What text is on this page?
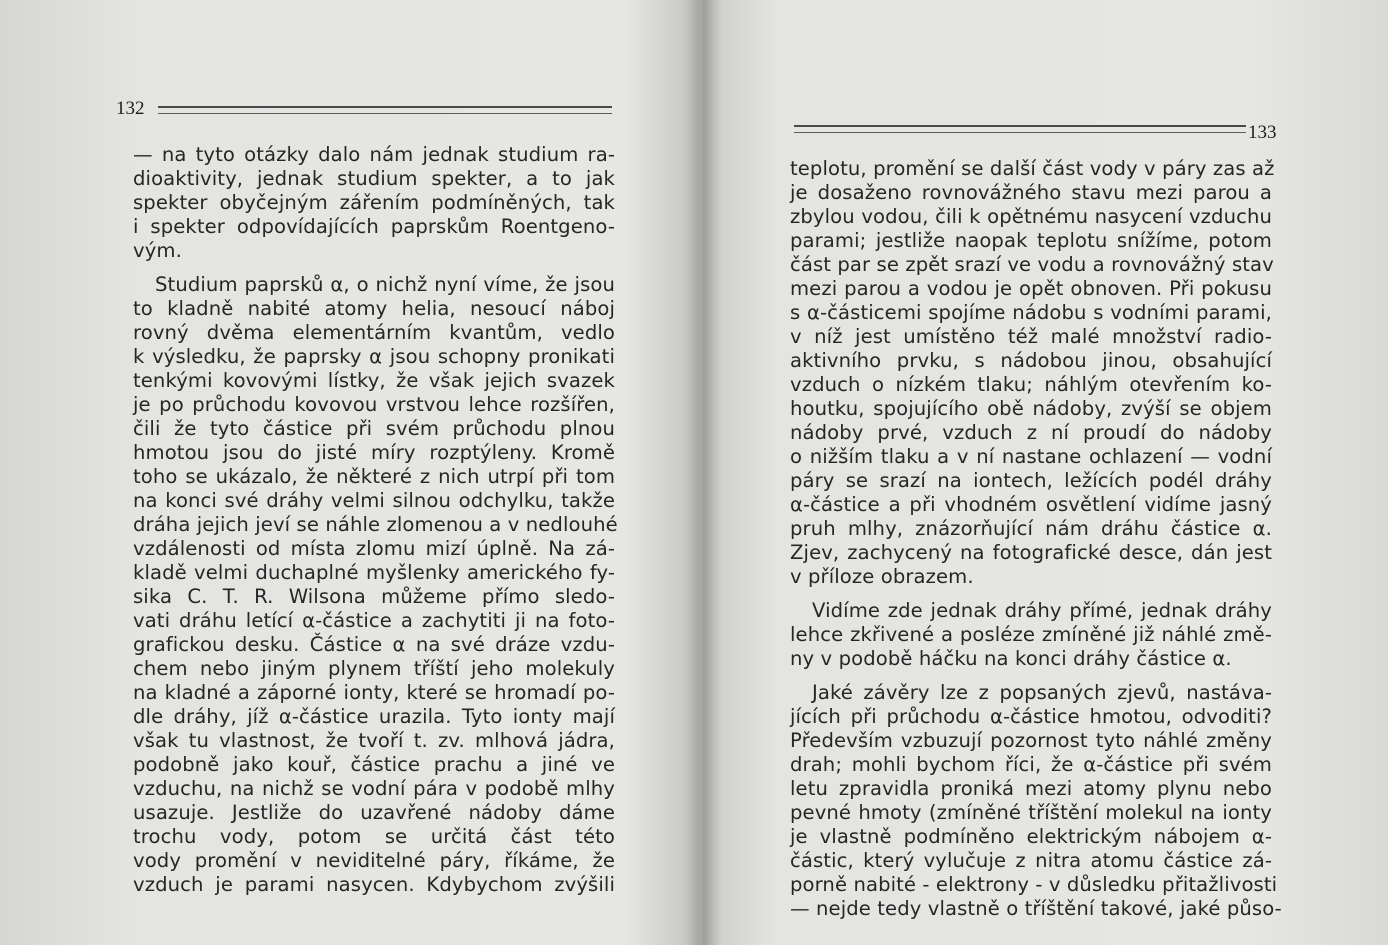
132
— na tyto otázky dalo nám jednak studium ra-
dioaktivity, jednak studium spekter, a to jak
spekter obyčejným zářením podmíněných, tak
i spekter odpovídajících paprskům Roentgeno-
vým.
Studium paprsků α, o nichž nyní víme, že jsou
to kladně nabité atomy helia, nesoucí náboj
rovný dvěma elementárním kvantům, vedlo
k výsledku, že paprsky α jsou schopny pronikati
tenkými kovovými lístky, že však jejich svazek
je po průchodu kovovou vrstvou lehce rozšířen,
čili že tyto částice při svém průchodu plnou
hmotou jsou do jisté míry rozptýleny. Kromě
toho se ukázalo, že některé z nich utrpí při tom
na konci své dráhy velmi silnou odchylku, takže
dráha jejich jeví se náhle zlomenou a v nedlouhé
vzdálenosti od místa zlomu mizí úplně. Na zá-
kladě velmi duchaplné myšlenky amerického fy-
sika C. T. R. Wilsona můžeme přímo sledo-
vati dráhu letící α-částice a zachytiti ji na foto-
grafickou desku. Částice α na své dráze vzdu-
chem nebo jiným plynem tříští jeho molekuly
na kladné a záporné ionty, které se hromadí po-
dle dráhy, jíž α-částice urazila. Tyto ionty mají
však tu vlastnost, že tvoří t. zv. mlhová jádra,
podobně jako kouř, částice prachu a jiné ve
vzduchu, na nichž se vodní pára v podobě mlhy
usazuje. Jestliže do uzavřené nádoby dáme
trochu vody, potom se určitá část této
vody promění v neviditelné páry, říkáme, že
vzduch je parami nasycen. Kdybychom zvýšili
133
teplotu, promění se další část vody v páry zas až
je dosaženo rovnovážného stavu mezi parou a
zbylou vodou, čili k opětnému nasycení vzduchu
parami; jestliže naopak teplotu snížíme, potom
část par se zpět srazí ve vodu a rovnovážný stav
mezi parou a vodou je opět obnoven. Při pokusu
s α-částicemi spojíme nádobu s vodními parami,
v níž jest umístěno též malé množství radio-
aktivního prvku, s nádobou jinou, obsahující
vzduch o nízkém tlaku; náhlým otevřením ko-
houtku, spojujícího obě nádoby, zvýší se objem
nádoby prvé, vzduch z ní proudí do nádoby
o nižším tlaku a v ní nastane ochlazení — vodní
páry se srazí na iontech, ležících podél dráhy
α-částice a při vhodném osvětlení vidíme jasný
pruh mlhy, znázorňující nám dráhu částice α.
Zjev, zachycený na fotografické desce, dán jest
v příloze obrazem.
Vidíme zde jednak dráhy přímé, jednak dráhy
lehce zkřivené a posléze zmíněné již náhlé změ-
ny v podobě háčku na konci dráhy částice α.
Jaké závěry lze z popsaných zjevů, nastáva-
jících při průchodu α-částice hmotou, odvoditi?
Především vzbuzují pozornost tyto náhlé změny
drah; mohli bychom říci, že α-částice při svém
letu zpravidla proniká mezi atomy plynu nebo
pevné hmoty (zmíněné tříštění molekul na ionty
je vlastně podmíněno elektrickým nábojem α-
částic, který vylučuje z nitra atomu částice zá-
porně nabité - elektrony - v důsledku přitažlivosti
— nejde tedy vlastně o tříštění takové, jaké půso-
